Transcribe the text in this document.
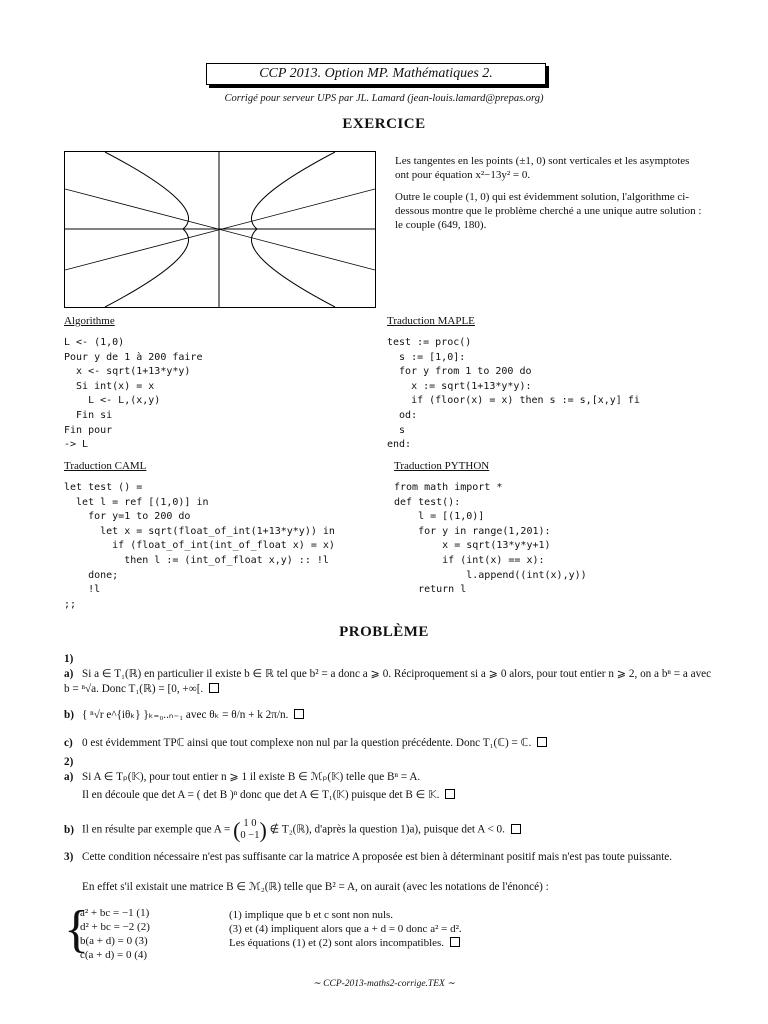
CCP 2013. Option MP. Mathématiques 2.
Corrigé pour serveur UPS par JL. Lamard (jean-louis.lamard@prepas.org)
EXERCICE
Les tangentes en les points (±1, 0) sont verticales et les asymptotes ont pour équation x²−13y² = 0.
Outre le couple (1, 0) qui est évidemment solution, l'algorithme ci-dessous montre que le problème cherché a une unique autre solution : le couple (649, 180).
Algorithme
L <- (1,0)
Pour y de 1 à 200 faire
x <- sqrt(1+13*y*y)
Si int(x) = x
L <- L,(x,y)
Fin si
Fin pour
-> L
Traduction MAPLE
test := proc()
s := [1,0]:
for y from 1 to 200 do
x := sqrt(1+13*y*y):
if (floor(x) = x) then s := s,[x,y] fi
od:
s
end:
Traduction CAML
let test () =
let l = ref [(1,0)] in
for y=1 to 200 do
let x = sqrt(float_of_int(1+13*y*y)) in
if (float_of_int(int_of_float x) = x)
then l := (int_of_float x,y) :: !l
done;
!l
;;
Traduction PYTHON
from math import *
def test():
l = [(1,0)]
for y in range(1,201):
x = sqrt(13*y*y+1)
if (int(x) == x):
l.append((int(x),y))
return l
PROBLÈME
1)
a) Si a ∈ T₁(ℝ) en particulier il existe b ∈ ℝ tel que b² = a donc a ⩾ 0. Réciproquement si a ⩾ 0 alors, pour tout entier n ⩾ 2, on a bⁿ = a avec b = ⁿ√a. Donc T₁(ℝ) = [0, +∞[.
b) { ⁿ√r e^{iθₖ} }ₖ₌₀..ₙ₋₁ avec θₖ = θ/n + k 2π/n.
c) 0 est évidemment TPℂ ainsi que tout complexe non nul par la question précédente. Donc T₁(ℂ) = ℂ.
2)
a) Si A ∈ Tₚ(𝕂), pour tout entier n ⩾ 1 il existe B ∈ ℳₚ(𝕂) telle que Bⁿ = A.
Il en découle que det A = ( det B )ⁿ donc que det A ∈ T₁(𝕂) puisque det B ∈ 𝕂.
b) Il en résulte par exemple que A = ( 1 0
0 −1) ∉ T₂(ℝ), d'après la question 1)a), puisque det A < 0.
3) Cette condition nécessaire n'est pas suffisante car la matrice A proposée est bien à déterminant positif mais n'est pas toute puissante.
En effet s'il existait une matrice B ∈ ℳ₂(ℝ) telle que B² = A, on aurait (avec les notations de l'énoncé) :
{
a² + bc = −1 (1)
d² + bc = −2 (2)
b(a + d) = 0 (3)
c(a + d) = 0 (4)
(1) implique que b et c sont non nuls.
(3) et (4) impliquent alors que a + d = 0 donc a² = d².
Les équations (1) et (2) sont alors incompatibles.
∼ CCP-2013-maths2-corrige.TEX ∼
